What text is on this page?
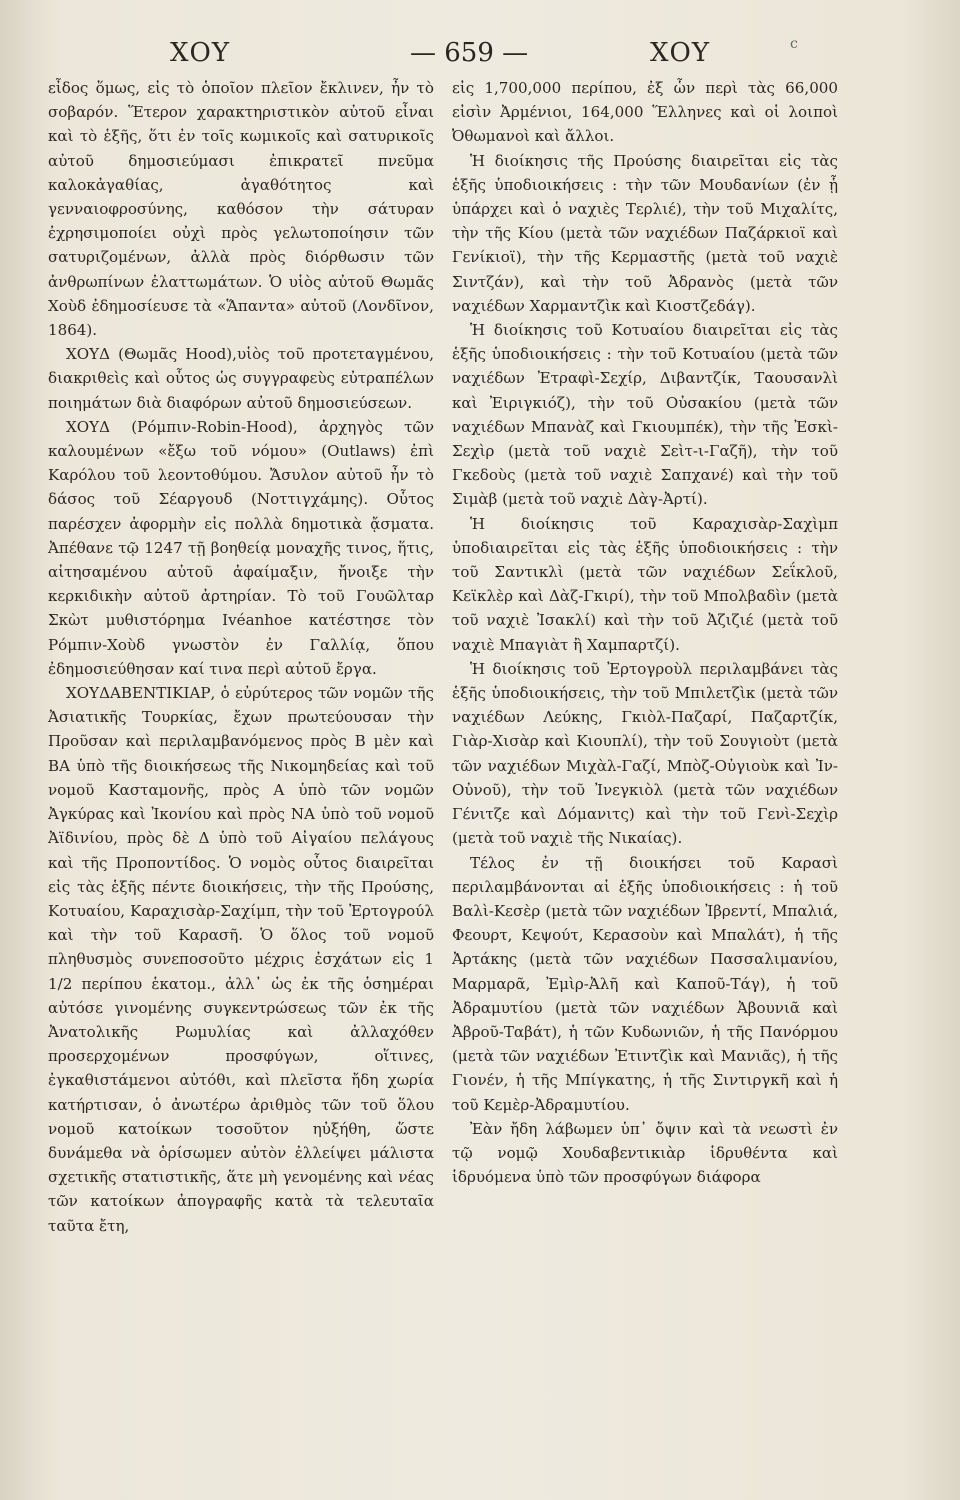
ΧΟΥ	— 659 —	ΧΟΥ	c

εἶδος ὅμως, εἰς τὸ ὁποῖον πλεῖον ἔκλινεν, ἦν τὸ σοβαρόν. Ἕτερον χαρακτηριστικὸν αὐτοῦ εἶναι καὶ τὸ ἑξῆς, ὅτι ἐν τοῖς κωμικοῖς καὶ σατυρικοῖς αὐτοῦ δημοσιεύμασι ἐπικρατεῖ πνεῦμα καλοκἀγαθίας, ἀγαθότητος καὶ γενναιοφροσύνης, καθόσον τὴν σάτυραν ἐχρησιμοποίει οὐχὶ πρὸς γελωτοποίησιν τῶν σατυριζομένων, ἀλλὰ πρὸς διόρθωσιν τῶν ἀνθρωπίνων ἐλαττωμάτων. Ὁ υἱὸς αὐτοῦ Θωμᾶς Χοὺδ ἐδημοσίευσε τὰ «Ἅπαντα» αὐτοῦ (Λονδῖνον, 1864).

ΧΟΥΔ (Θωμᾶς Hood),υἱὸς τοῦ προτεταγμένου, διακριθεὶς καὶ οὗτος ὡς συγγραφεὺς εὐτραπέλων ποιημάτων διὰ διαφόρων αὐτοῦ δημοσιεύσεων.

ΧΟΥΔ (Ρόμπιν-Robin-Hood), ἀρχηγὸς τῶν καλουμένων «ἔξω τοῦ νόμου» (Outlaws) ἐπὶ Καρόλου τοῦ λεοντοθύμου. Ἄσυλον αὐτοῦ ἦν τὸ δάσος τοῦ Σέαργουδ (Νοττιγχάμης). Οὗτος παρέσχεν ἀφορμὴν εἰς πολλὰ δημοτικὰ ᾄσματα. Ἀπέθανε τῷ 1247 τῇ βοηθείᾳ μοναχῆς τινος, ἥτις, αἰτησαμένου αὐτοῦ ἀφαίμαξιν, ἤνοιξε τὴν κερκιδικὴν αὐτοῦ ἀρτηρίαν. Τὸ τοῦ Γουῶλταρ Σκὼτ μυθιστόρημα Ivéanhoe κατέστησε τὸν Ρόμπιν-Χοὺδ γνωστὸν ἐν Γαλλίᾳ, ὅπου ἐδημοσιεύθησαν καί τινα περὶ αὐτοῦ ἔργα.

ΧΟΥΔΑΒΕΝΤΙΚΙΑΡ, ὁ εὐρύτερος τῶν νομῶν τῆς Ἀσιατικῆς Τουρκίας, ἔχων πρωτεύουσαν τὴν Προῦσαν καὶ περιλαμβανόμενος πρὸς Β μὲν καὶ ΒΑ ὑπὸ τῆς διοικήσεως τῆς Νικομηδείας καὶ τοῦ νομοῦ Κασταμονῆς, πρὸς Α ὑπὸ τῶν νομῶν Ἀγκύρας καὶ Ἰκονίου καὶ πρὸς ΝΑ ὑπὸ τοῦ νομοῦ Ἀϊδινίου, πρὸς δὲ Δ ὑπὸ τοῦ Αἰγαίου πελάγους καὶ τῆς Προποντίδος. Ὁ νομὸς οὗτος διαιρεῖται εἰς τὰς ἑξῆς πέντε διοικήσεις, τὴν τῆς Προύσης, Κοτυαίου, Καραχισὰρ-Σαχίμπ, τὴν τοῦ Ἐρτογρούλ καὶ τὴν τοῦ Καρασῆ. Ὁ ὅλος τοῦ νομοῦ πληθυσμὸς συνεποσοῦτο μέχρις ἐσχάτων εἰς 1 1/2 περίπου ἑκατομ., ἀλλ᾽ ὡς ἐκ τῆς ὁσημέραι αὐτόσε γινομένης συγκεντρώσεως τῶν ἐκ τῆς Ἀνατολικῆς Ρωμυλίας καὶ ἀλλαχόθεν προσερχομένων προσφύγων, οἵτινες, ἐγκαθιστάμενοι αὐτόθι, καὶ πλεῖστα ἤδη χωρία κατήρτισαν, ὁ ἀνωτέρω ἀριθμὸς τῶν τοῦ ὅλου νομοῦ κατοίκων τοσοῦτον ηὐξήθη, ὥστε δυνάμεθα νὰ ὁρίσωμεν αὐτὸν ἐλλείψει μάλιστα σχετικῆς στατιστικῆς, ἅτε μὴ γενομένης καὶ νέας τῶν κατοίκων ἀπογραφῆς κατὰ τὰ τελευταῖα ταῦτα ἔτη,

εἰς 1,700,000 περίπου, ἐξ ὧν περὶ τὰς 66,000 εἰσὶν Ἀρμένιοι, 164,000 Ἕλληνες καὶ οἱ λοιποὶ Ὀθωμανοὶ καὶ ἄλλοι.

Ἡ διοίκησις τῆς Προύσης διαιρεῖται εἰς τὰς ἑξῆς ὑποδιοικήσεις : τὴν τῶν Μουδανίων (ἐν ᾗ ὑπάρχει καὶ ὁ ναχιὲς Τερλιέ), τὴν τοῦ Μιχαλίτς, τὴν τῆς Κίου (μετὰ τῶν ναχιέδων Παζάρκιοϊ καὶ Γενίκιοϊ), τὴν τῆς Κερμαστῆς (μετὰ τοῦ ναχιὲ Σιντζάν), καὶ τὴν τοῦ Ἀδρανὸς (μετὰ τῶν ναχιέδων Χαρμαντζὶκ καὶ Κιοστζεδάγ).

Ἡ διοίκησις τοῦ Κοτυαίου διαιρεῖται εἰς τὰς ἑξῆς ὑποδιοικήσεις : τὴν τοῦ Κοτυαίου (μετὰ τῶν ναχιέδων Ἐτραφὶ-Σεχίρ, Διβαντζίκ, Ταουσανλὶ καὶ Ἐιριγκιόζ), τὴν τοῦ Οὐσακίου (μετὰ τῶν ναχιέδων Μπανὰζ καὶ Γκιουμπέκ), τὴν τῆς Ἐσκὶ-Σεχὶρ (μετὰ τοῦ ναχιὲ Σεὶτ-ι-Γαζῆ), τὴν τοῦ Γκεδοὺς (μετὰ τοῦ ναχιὲ Σαπχανέ) καὶ τὴν τοῦ Σιμὰβ (μετὰ τοῦ ναχιὲ Δὰγ-Ἀρτί).

Ἡ διοίκησις τοῦ Καραχισὰρ-Σαχὶμπ ὑποδιαιρεῖται εἰς τὰς ἑξῆς ὑποδιοικήσεις : τὴν τοῦ Σαντικλὶ (μετὰ τῶν ναχιέδων Σεΐκλοῦ, Κεϊκλὲρ καὶ Δὰζ-Γκιρί), τὴν τοῦ Μπολβαδὶν (μετὰ τοῦ ναχιὲ Ἰσακλί) καὶ τὴν τοῦ Ἀζιζιέ (μετὰ τοῦ ναχιὲ Μπαγιὰτ ἢ Χαμπαρτζί).

Ἡ διοίκησις τοῦ Ἐρτογροὺλ περιλαμβάνει τὰς ἑξῆς ὑποδιοικήσεις, τὴν τοῦ Μπιλετζὶκ (μετὰ τῶν ναχιέδων Λεύκης, Γκιὸλ-Παζαρί, Παζαρτζίκ, Γιὰρ-Χισὰρ καὶ Κιουπλί), τὴν τοῦ Σουγιοὺτ (μετὰ τῶν ναχιέδων Μιχὰλ-Γαζί, Μπὸζ-Οὐγιοὺκ καὶ Ἰν-Οὐνοῦ), τὴν τοῦ Ἰνεγκιὸλ (μετὰ τῶν ναχιέδων Γένιτζε καὶ Δόμανιτς) καὶ τὴν τοῦ Γενὶ-Σεχὶρ (μετὰ τοῦ ναχιὲ τῆς Νικαίας).

Τέλος ἐν τῇ διοικήσει τοῦ Καρασὶ περιλαμβάνονται αἱ ἑξῆς ὑποδιοικήσεις : ἡ τοῦ Βαλὶ-Κεσὲρ (μετὰ τῶν ναχιέδων Ἰβρεντί, Μπαλιά, Φεουρτ, Κεψούτ, Κερασοὺν καὶ Μπαλάτ), ἡ τῆς Ἀρτάκης (μετὰ τῶν ναχιέδων Πασσαλιμανίου, Μαρμαρᾶ, Ἐμὶρ-Ἀλῆ καὶ Καποῦ-Τάγ), ἡ τοῦ Ἀδραμυτίου (μετὰ τῶν ναχιέδων Ἀβουνιᾶ καὶ Ἀβροῦ-Ταβάτ), ἡ τῶν Κυδωνιῶν, ἡ τῆς Πανόρμου (μετὰ τῶν ναχιέδων Ἐτιντζὶκ καὶ Μανιᾶς), ἡ τῆς Γιονέν, ἡ τῆς Μπίγκατης, ἡ τῆς Σιντιργκῆ καὶ ἡ τοῦ Κεμὲρ-Ἀδραμυτίου.

Ἐὰν ἤδη λάβωμεν ὑπ᾽ ὄψιν καὶ τὰ νεωστὶ ἐν τῷ νομῷ Χουδαβεντικιὰρ ἱδρυθέντα καὶ ἱδρυόμενα ὑπὸ τῶν προσφύγων διάφορα
